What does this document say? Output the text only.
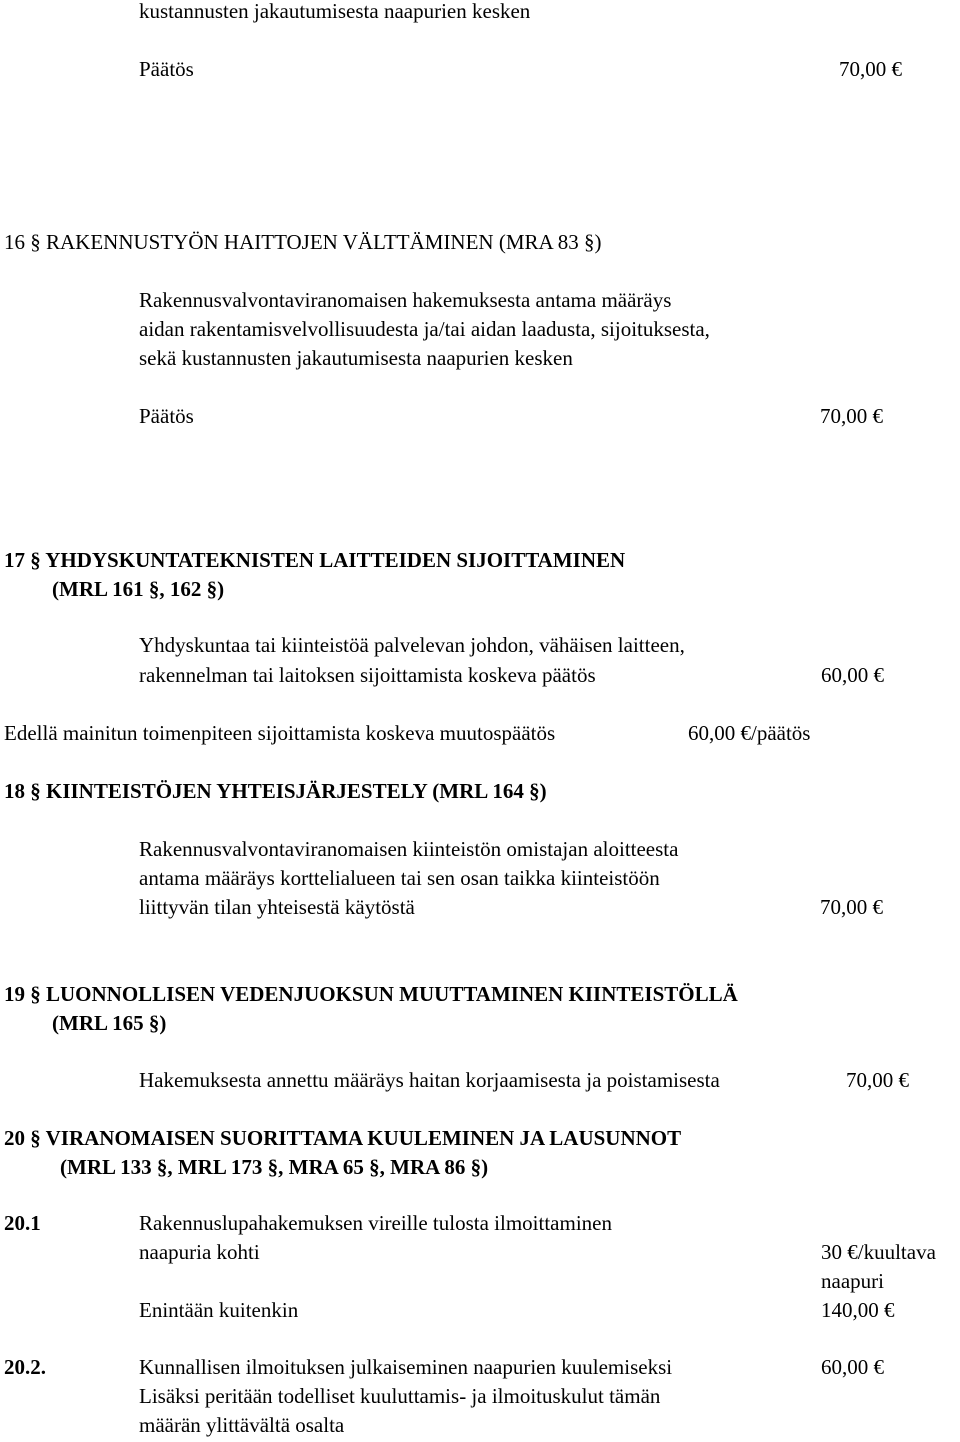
kustannusten jakautumisesta naapurien kesken
Päätös	70,00 €
16 § RAKENNUSTYÖN HAITTOJEN VÄLTTÄMINEN (MRA 83 §)
Rakennusvalvontaviranomaisen hakemuksesta antama määräys
aidan rakentamisvelvollisuudesta ja/tai aidan laadusta, sijoituksesta,
sekä kustannusten jakautumisesta naapurien kesken
Päätös	70,00 €
17 § YHDYSKUNTATEKNISTEN LAITTEIDEN SIJOITTAMINEN
(MRL 161 §, 162 §)
Yhdyskuntaa tai kiinteistöä palvelevan johdon, vähäisen laitteen,
rakennelman tai laitoksen sijoittamista koskeva päätös	60,00 €
Edellä mainitun toimenpiteen sijoittamista koskeva muutospäätös	60,00 €/päätös
18 § KIINTEISTÖJEN YHTEISJÄRJESTELY (MRL 164 §)
Rakennusvalvontaviranomaisen kiinteistön omistajan aloitteesta
antama määräys korttelialueen tai sen osan taikka kiinteistöön
liittyvän tilan yhteisestä käytöstä	70,00 €
19 § LUONNOLLISEN VEDENJUOKSUN MUUTTAMINEN KIINTEISTÖLLÄ
(MRL 165 §)
Hakemuksesta annettu määräys haitan korjaamisesta ja poistamisesta	70,00 €
20 § VIRANOMAISEN SUORITTAMA KUULEMINEN JA LAUSUNNOT
(MRL 133 §, MRL 173 §, MRA 65 §, MRA 86 §)
20.1	Rakennuslupahakemuksen vireille tulosta ilmoittaminen
naapuria kohti	30 €/kuultava
naapuri
Enintään kuitenkin	140,00 €
20.2.	Kunnallisen ilmoituksen julkaiseminen naapurien kuulemiseksi	60,00 €
Lisäksi peritään todelliset kuuluttamis- ja ilmoituskulut tämän
määrän ylittävältä osalta
